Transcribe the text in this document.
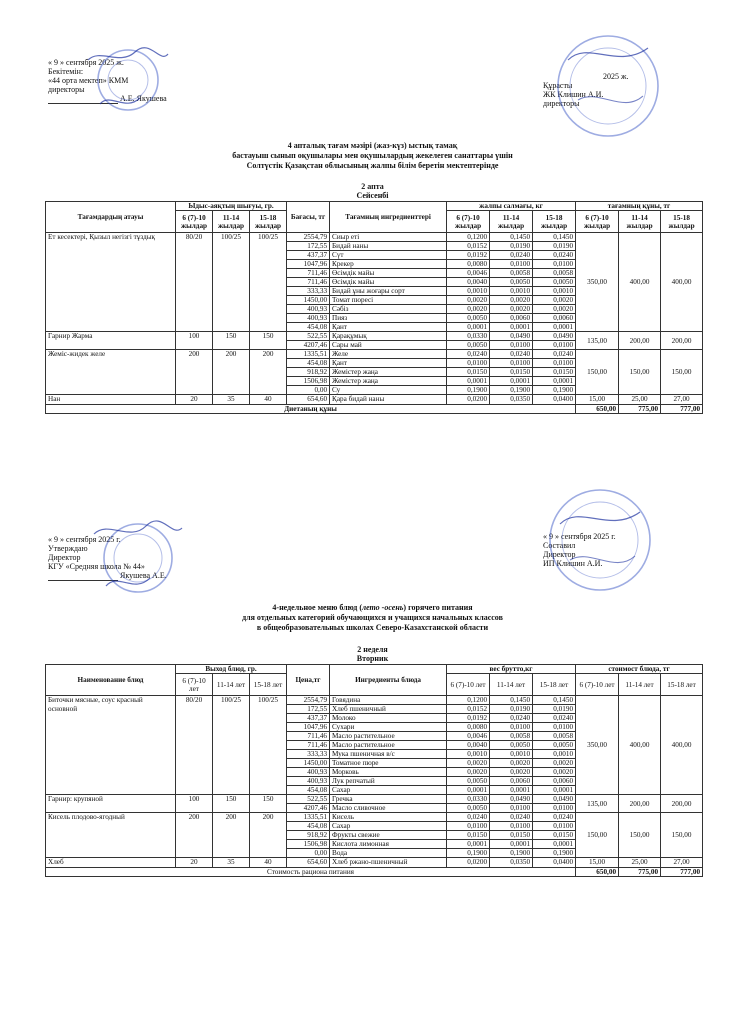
« 9 » сентября 2025 ж.
Бекітемін:
«44 орта мектеп» КММ
директоры
А.Е. Якушева
2025 ж.
Құрасты
ЖК Клишин А.И.
директоры
4 апталық тағам мәзірі (жаз-күз) ыстық тамақ
бастауыш сынып оқушылары мен оқушылардың жекелеген санаттары үшін
Солтүстік Қазақстан облысының жалпы білім беретін мектептерінде
2 апта
Сейсенбі
Тағамдардың атауы	Ыдыс-аяқтың шығуы, гр.			Бағасы, тг	Тағамның ингредиенттері	жалпы салмағы, кг			тағамның құны, тг		
	6 (7)-10 жылдар	11-14 жылдар	15-18 жылдар			6 (7)-10 жылдар	11-14 жылдар	15-18 жылдар	6 (7)-10 жылдар	11-14 жылдар	15-18 жылдар
Ет кесектері, Қызыл негізгі тұздық	80/20	100/25	100/25	2554,79	Сиыр еті	0,1200	0,1450	0,1450	350,00	400,00	400,00
				172,55	Бидай наны	0,0152	0,0190	0,0190			
				437,37	Сүт	0,0192	0,0240	0,0240			
				1047,96	Крекер	0,0080	0,0100	0,0100			
				711,46	Өсімдік майы	0,0046	0,0058	0,0058			
				711,46	Өсімдік майы	0,0040	0,0050	0,0050			
				333,33	Бидай ұны жоғары сорт	0,0010	0,0010	0,0010			
				1450,00	Томат пюресі	0,0020	0,0020	0,0020			
				400,93	Сәбіз	0,0020	0,0020	0,0020			
				400,93	Пияз	0,0050	0,0060	0,0060			
				454,08	Қант	0,0001	0,0001	0,0001			
Гарнир Жарма	100	150	150	522,55	Қарақұмық	0,0330	0,0490	0,0490	135,00	200,00	200,00
				4207,46	Сары май	0,0050	0,0100	0,0100			
Жеміс-жидек желе	200	200	200	1335,51	Желе	0,0240	0,0240	0,0240	150,00	150,00	150,00
				454,08	Қант	0,0100	0,0100	0,0100			
				918,92	Жемістер жаңа	0,0150	0,0150	0,0150			
				1506,98	Жемістер жаңа	0,0001	0,0001	0,0001			
				0,00	Су	0,1900	0,1900	0,1900			
Нан	20	35	40	654,60	Қара бидай наны	0,0200	0,0350	0,0400	15,00	25,00	27,00
Диетаның құны									650,00	775,00	777,00
« 9 » сентября 2025 г.
Утверждаю
Директор
КГУ «Средняя школа № 44»
Якушева А.Е.
« 9 » сентября 2025 г.
Составил
Директор
ИП Клишин А.И.
4-недельное меню блюд (лето -осень) горячего питания
для отдельных категорий обучающихся и учащихся начальных классов
в общеобразовательных школах Северо-Казахстанской области
2 неделя
Вторник
Наименование блюд	Выход блюд, гр.			Цена,тг	Ингредиенты блюда	вес брутто,кг			стоимост блюда, тг		
	6 (7)-10 лет	11-14 лет	15-18 лет			6 (7)-10 лет	11-14 лет	15-18 лет	6 (7)-10 лет	11-14 лет	15-18 лет
Биточки мясные, соус красный основной	80/20	100/25	100/25	2554,79	Говядина	0,1200	0,1450	0,1450	350,00	400,00	400,00
				172,55	Хлеб пшеничный	0,0152	0,0190	0,0190			
				437,37	Молоко	0,0192	0,0240	0,0240			
				1047,96	Сухари	0,0080	0,0100	0,0100			
				711,46	Масло растительное	0,0046	0,0058	0,0058			
				711,46	Масло растительное	0,0040	0,0050	0,0050			
				333,33	Мука пшеничная в/с	0,0010	0,0010	0,0010			
				1450,00	Томатное пюре	0,0020	0,0020	0,0020			
				400,93	Морковь	0,0020	0,0020	0,0020			
				400,93	Лук репчатый	0,0050	0,0060	0,0060			
				454,08	Сахар	0,0001	0,0001	0,0001			
Гарнир: крупяной	100	150	150	522,55	Гречка	0,0330	0,0490	0,0490	135,00	200,00	200,00
				4207,46	Масло сливочное	0,0050	0,0100	0,0100			
Кисель плодово-ягодный	200	200	200	1335,51	Кисель	0,0240	0,0240	0,0240	150,00	150,00	150,00
				454,08	Сахар	0,0100	0,0100	0,0100			
				918,92	Фрукты свежие	0,0150	0,0150	0,0150			
				1506,98	Кислота лимонная	0,0001	0,0001	0,0001			
				0,00	Вода	0,1900	0,1900	0,1900			
Хлеб	20	35	40	654,60	Хлеб ржано-пшеничный	0,0200	0,0350	0,0400	15,00	25,00	27,00
Стоимость рациона питания									650,00	775,00	777,00
